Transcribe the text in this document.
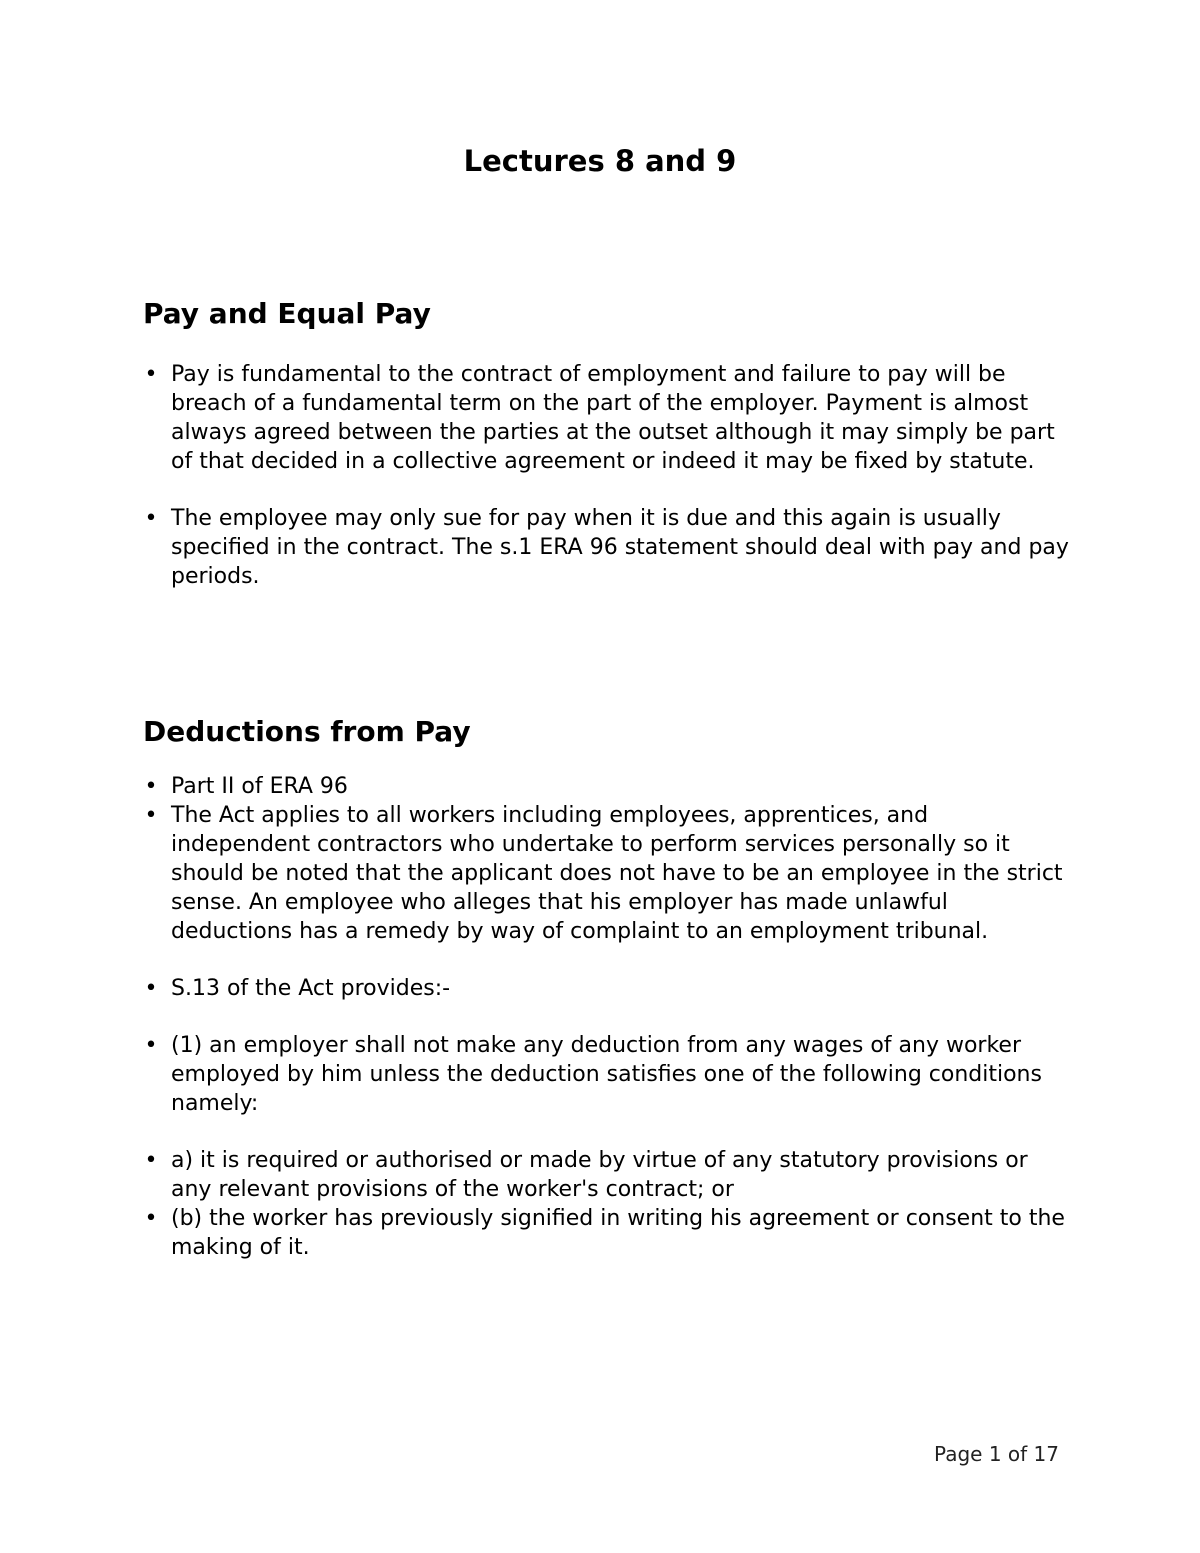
Lectures 8 and 9
Pay and Equal Pay
• Pay is fundamental to the contract of employment and failure to pay will be breach of a fundamental term on the part of the employer. Payment is almost always agreed between the parties at the outset although it may simply be part of that decided in a collective agreement or indeed it may be fixed by statute.
• The employee may only sue for pay when it is due and this again is usually specified in the contract. The s.1 ERA 96 statement should deal with pay and pay periods.
Deductions from Pay
• Part II of ERA 96
• The Act applies to all workers including employees, apprentices, and independent contractors who undertake to perform services personally so it should be noted that the applicant does not have to be an employee in the strict sense. An employee who alleges that his employer has made unlawful deductions has a remedy by way of complaint to an employment tribunal.
• S.13 of the Act provides:-
• (1) an employer shall not make any deduction from any wages of any worker employed by him unless the deduction satisfies one of the following conditions namely:
• a) it is required or authorised or made by virtue of any statutory provisions or any relevant provisions of the worker's contract; or
• (b) the worker has previously signified in writing his agreement or consent to the making of it.

Page 1 of 17
